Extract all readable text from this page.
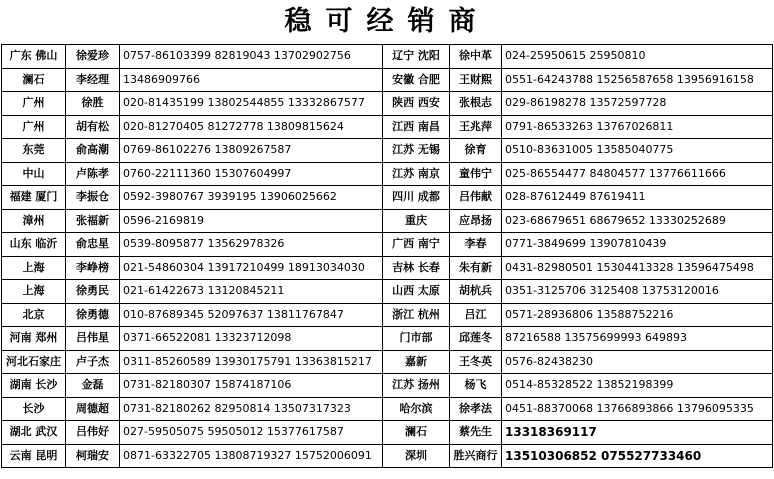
稳可经销商
广东 佛山	徐爱珍	0757-86103399 82819043 13702902756	辽宁 沈阳	徐中革	024-25950615 25950810
澜石	李经理	13486909766	安徽 合肥	王财熙	0551-64243788 15256587658 13956916158
广州	徐胜	020-81435199 13802544855 13332867577	陕西 西安	张根志	029-86198278 13572597728
广州	胡有松	020-81270405 81272778 13809815624	江西 南昌	王兆萍	0791-86533263 13767026811
东莞	俞高潮	0769-86102276 13809267587	江苏 无锡	徐育	0510-83631005 13585040775
中山	卢陈孝	0760-22111360 15307604997	江苏 南京	童伟宁	025-86554477 84804577 13776611666
福建 厦门	李振仓	0592-3980767 3939195 13906025662	四川 成都	吕伟献	028-87612449 87619411
漳州	张福新	0596-2169819	重庆	应昂扬	023-68679651 68679652 13330252689
山东 临沂	俞忠星	0539-8095877 13562978326	广西 南宁	李春	0771-3849699 13907810439
上海	李峥榜	021-54860304 13917210499 18913034030	吉林 长春	朱有新	0431-82980501 15304413328 13596475498
上海	徐勇民	021-61422673 13120845211	山西 太原	胡杭兵	0351-3125706 3125408 13753120016
北京	徐勇德	010-87689345 52097637 13811767847	浙江 杭州	吕江	0571-28936806 13588752216
河南 郑州	吕伟星	0371-66522081 13323712098	门市部	邱莲冬	87216588 13575699993 649893
河北石家庄	卢子杰	0311-85260589 13930175791 13363815217	嘉新	王冬英	0576-82438230
湖南 长沙	金磊	0731-82180307 15874187106	江苏 扬州	杨飞	0514-85328522 13852198399
长沙	周德超	0731-82180262 82950814 13507317323	哈尔滨	徐孝法	0451-88370068 13766893866 13796095335
湖北 武汉	吕伟好	027-59505075 59505012 15377617587	澜石	蔡先生	13318369117
云南 昆明	柯瑞安	0871-63322705 13808719327 15752006091	深圳	胜兴商行	13510306852 075527733460
